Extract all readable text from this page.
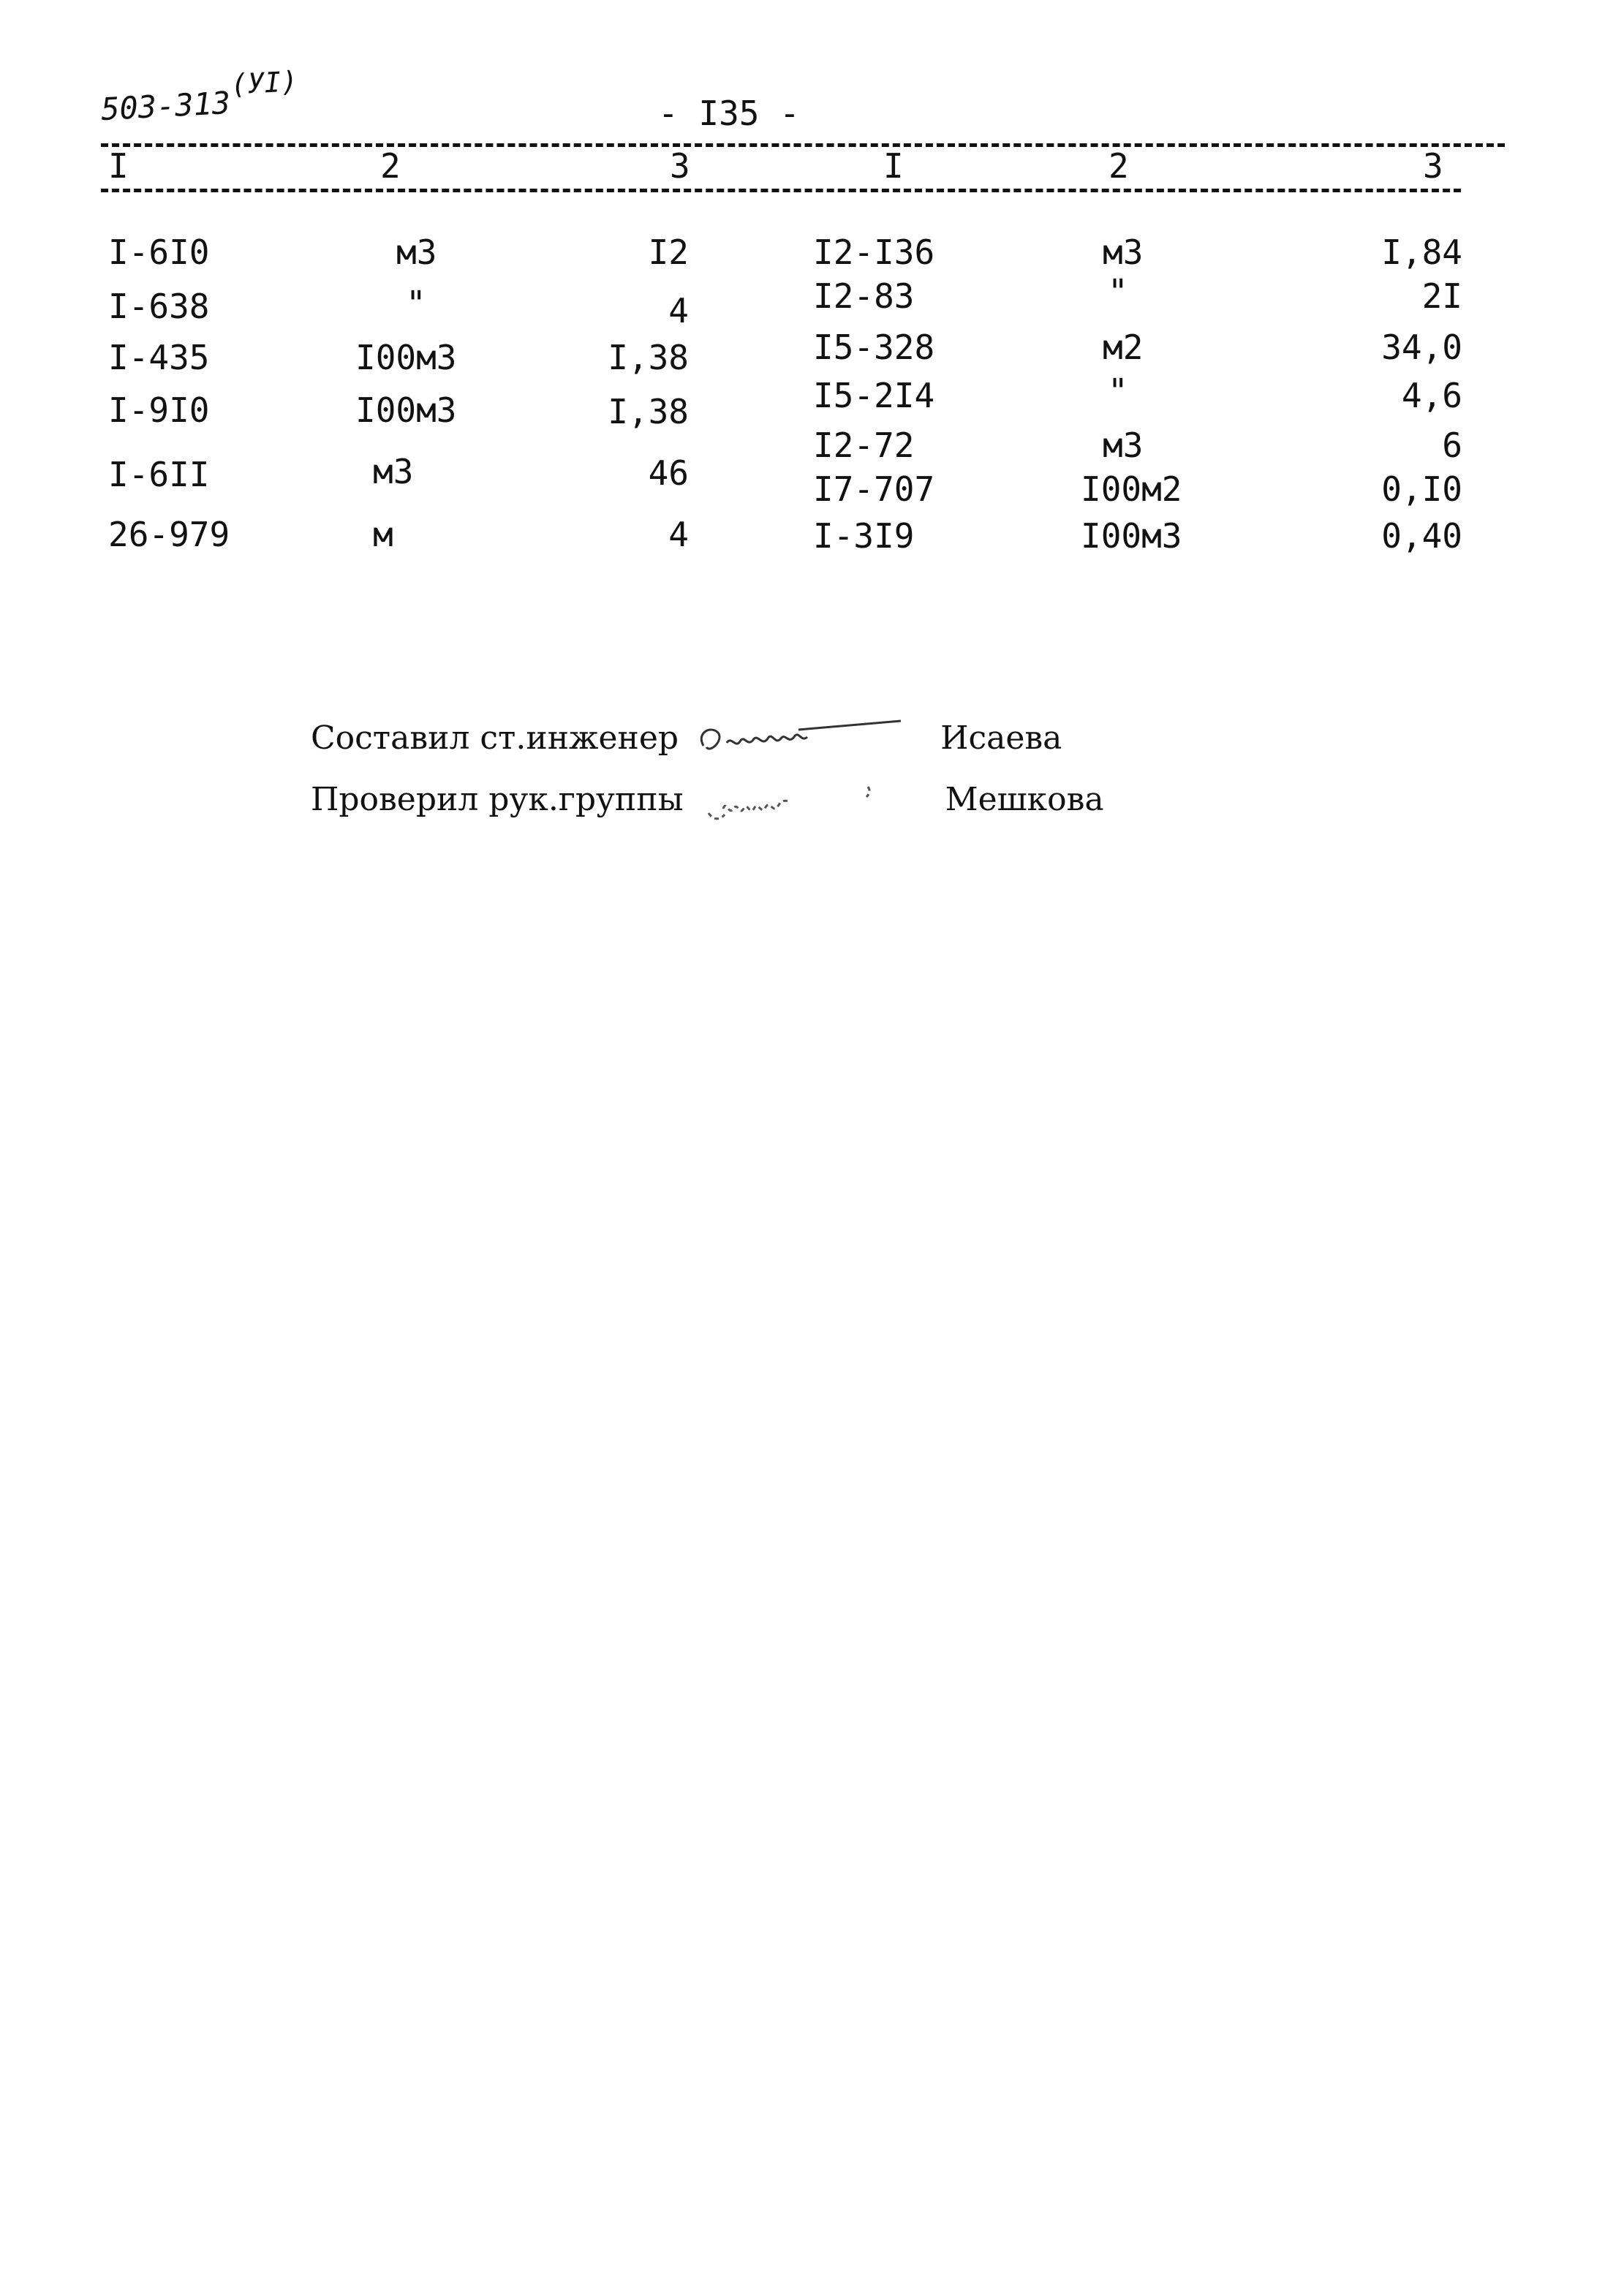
503-313(УI)
- I35 -
I	2	3	I	2	3
I-6I0	м3	I2
I-638	"	4
I-435	I00м3	I,38
I-9I0	I00м3	I,38
I-6II	м3	46
26-979	м	4
I2-I36	м3	I,84
I2-83	"	2I
I5-328	м2	34,0
I5-2I4	"	4,6
I2-72	м3	6
I7-707	I00м2	0,I0
I-3I9	I00м3	0,40
Составил ст.инженер	Исаева
Проверил рук.группы	Мешкова
